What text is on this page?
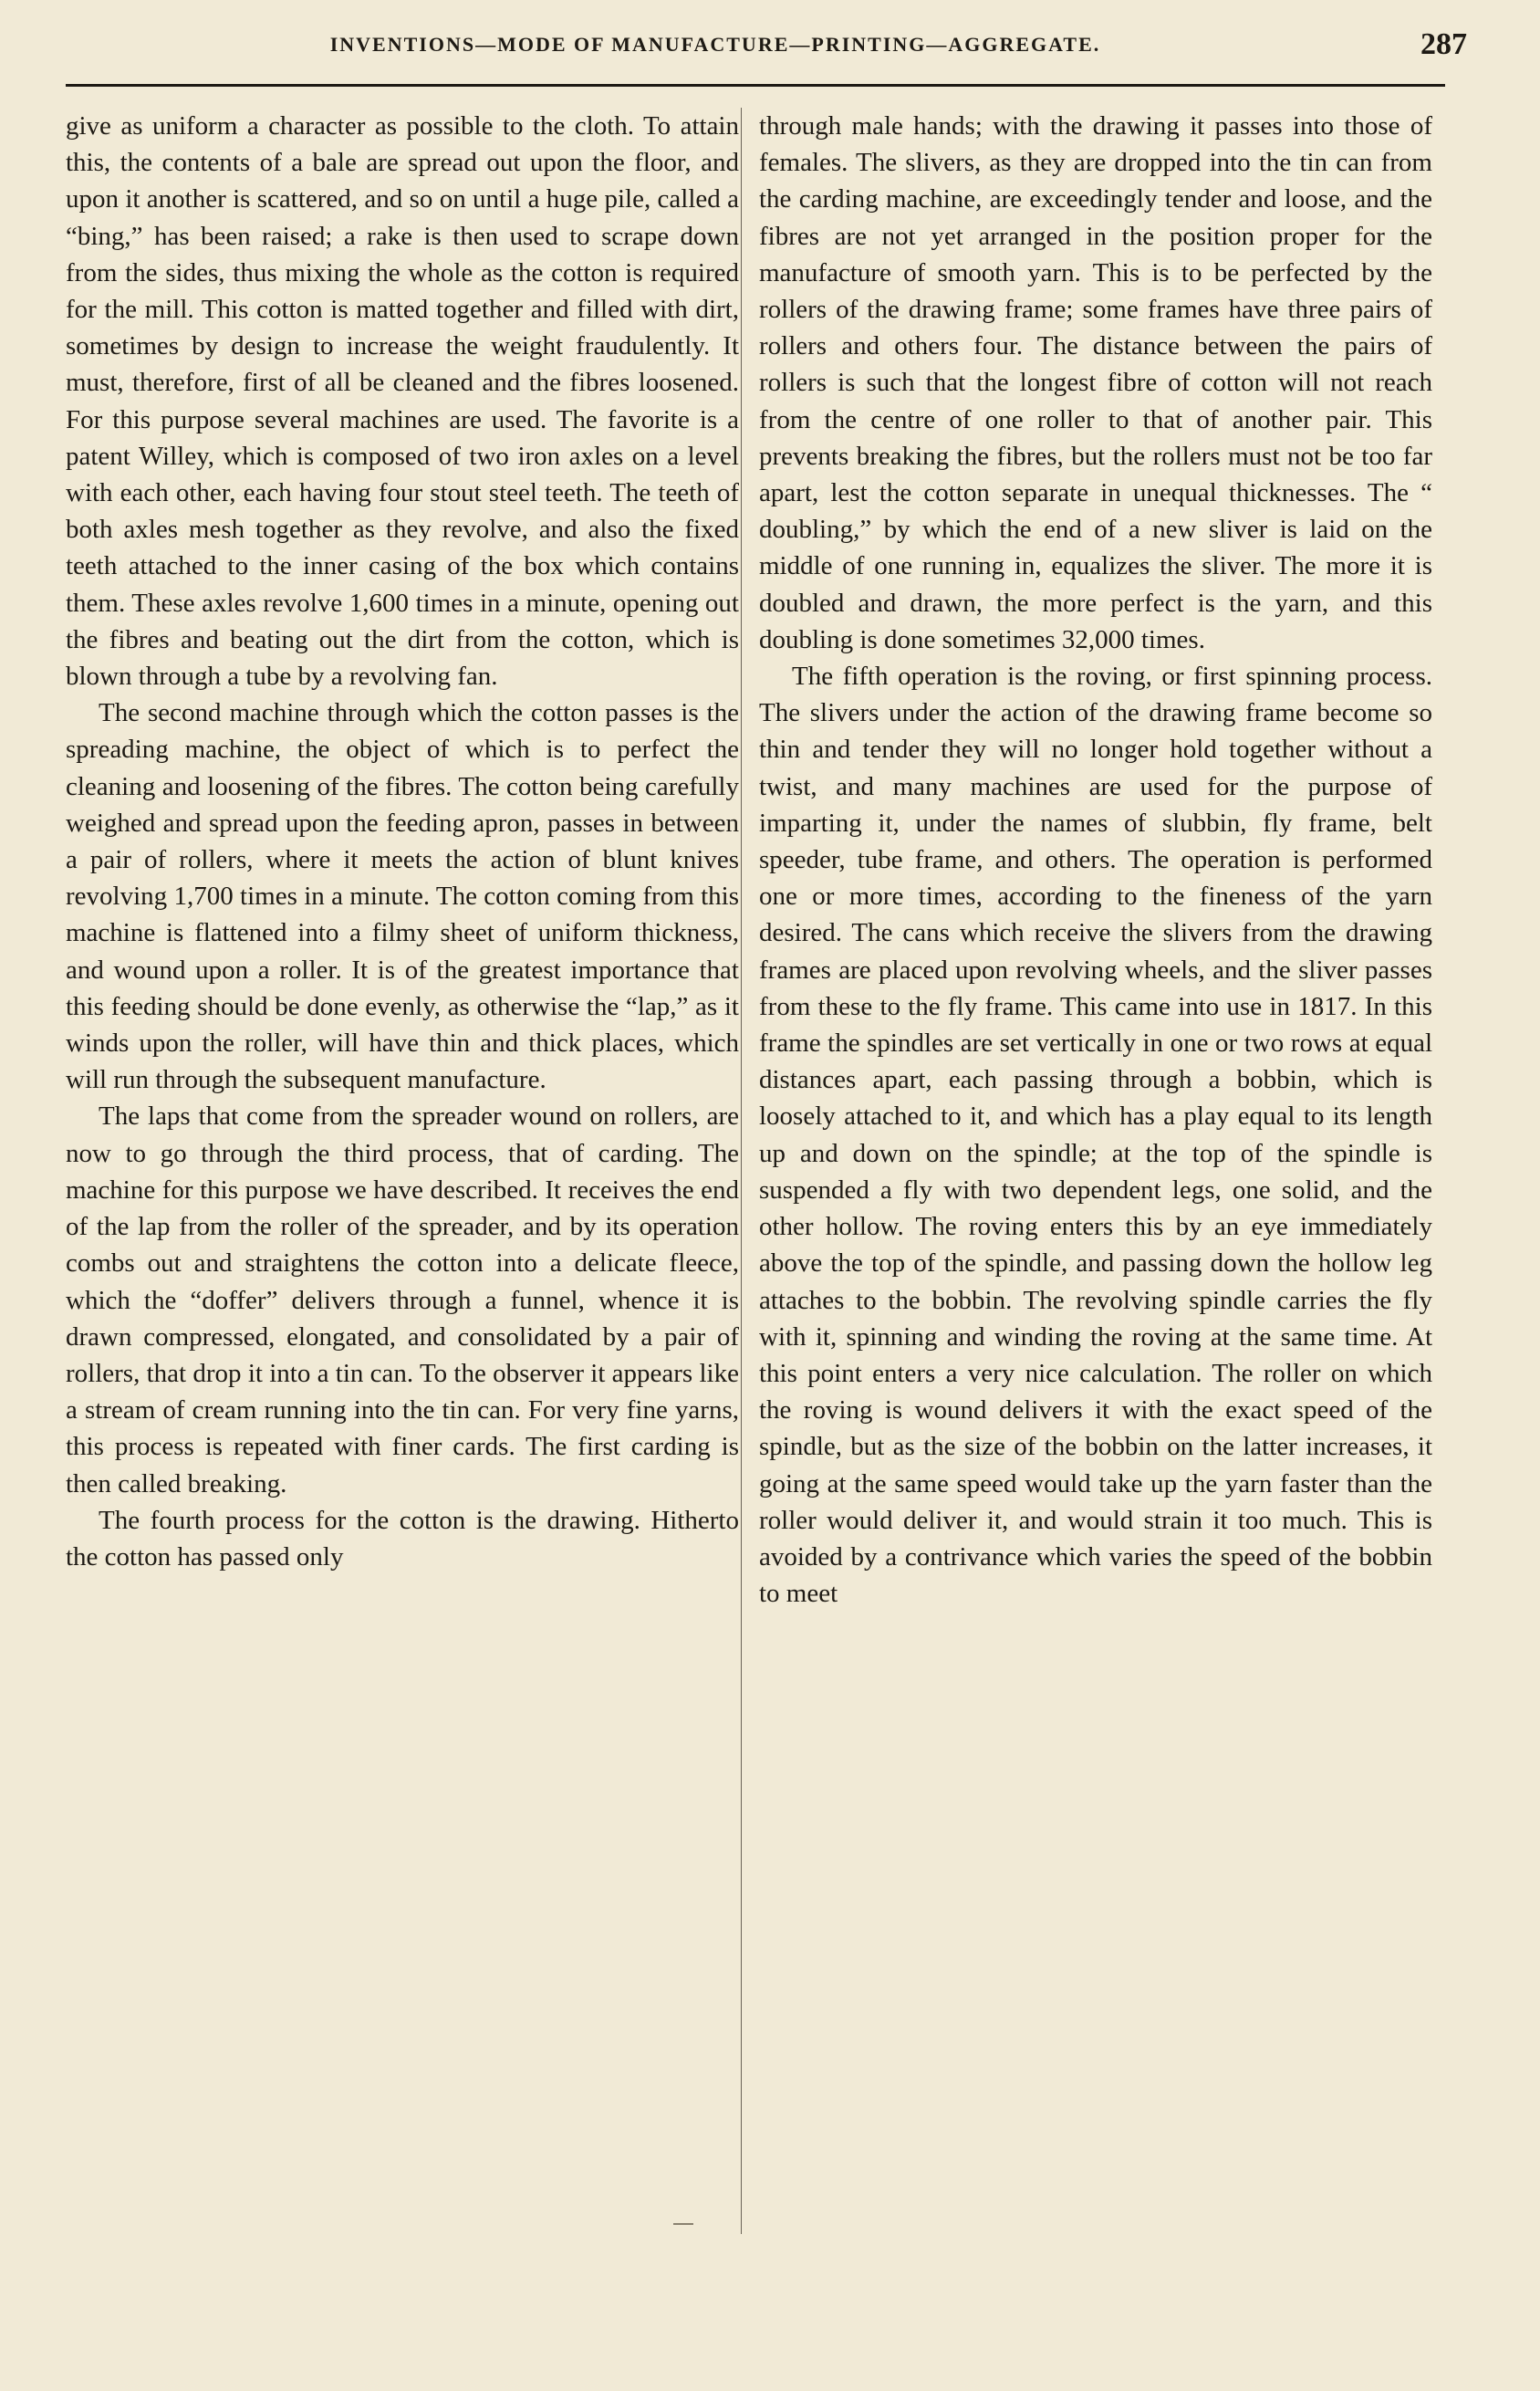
INVENTIONS—MODE OF MANUFACTURE—PRINTING—AGGREGATE.	287

give as uniform a character as possible to the cloth. To attain this, the contents of a bale are spread out upon the floor, and upon it another is scattered, and so on until a huge pile, called a “bing,” has been raised; a rake is then used to scrape down from the sides, thus mixing the whole as the cotton is required for the mill. This cotton is matted together and filled with dirt, sometimes by design to increase the weight fraudulently. It must, therefore, first of all be cleaned and the fibres loosened. For this purpose several machines are used. The favorite is a patent Willey, which is composed of two iron axles on a level with each other, each having four stout steel teeth. The teeth of both axles mesh together as they revolve, and also the fixed teeth attached to the inner casing of the box which contains them. These axles revolve 1,600 times in a minute, opening out the fibres and beating out the dirt from the cotton, which is blown through a tube by a revolving fan.

The second machine through which the cotton passes is the spreading machine, the object of which is to perfect the cleaning and loosening of the fibres. The cotton being carefully weighed and spread upon the feeding apron, passes in between a pair of rollers, where it meets the action of blunt knives revolving 1,700 times in a minute. The cotton coming from this machine is flattened into a filmy sheet of uniform thickness, and wound upon a roller. It is of the greatest importance that this feeding should be done evenly, as otherwise the “lap,” as it winds upon the roller, will have thin and thick places, which will run through the subsequent manufacture.

The laps that come from the spreader wound on rollers, are now to go through the third process, that of carding. The machine for this purpose we have described. It receives the end of the lap from the roller of the spreader, and by its operation combs out and straightens the cotton into a delicate fleece, which the “doffer” delivers through a funnel, whence it is drawn compressed, elongated, and consolidated by a pair of rollers, that drop it into a tin can. To the observer it appears like a stream of cream running into the tin can. For very fine yarns, this process is repeated with finer cards. The first carding is then called breaking.

The fourth process for the cotton is the drawing. Hitherto the cotton has passed only

through male hands; with the drawing it passes into those of females. The slivers, as they are dropped into the tin can from the carding machine, are exceedingly tender and loose, and the fibres are not yet arranged in the position proper for the manufacture of smooth yarn. This is to be perfected by the rollers of the drawing frame; some frames have three pairs of rollers and others four. The distance between the pairs of rollers is such that the longest fibre of cotton will not reach from the centre of one roller to that of another pair. This prevents breaking the fibres, but the rollers must not be too far apart, lest the cotton separate in unequal thicknesses. The “ doubling,” by which the end of a new sliver is laid on the middle of one running in, equalizes the sliver. The more it is doubled and drawn, the more perfect is the yarn, and this doubling is done sometimes 32,000 times.

The fifth operation is the roving, or first spinning process. The slivers under the action of the drawing frame become so thin and tender they will no longer hold together without a twist, and many machines are used for the purpose of imparting it, under the names of slubbin, fly frame, belt speeder, tube frame, and others. The operation is performed one or more times, according to the fineness of the yarn desired. The cans which receive the slivers from the drawing frames are placed upon revolving wheels, and the sliver passes from these to the fly frame. This came into use in 1817. In this frame the spindles are set vertically in one or two rows at equal distances apart, each passing through a bobbin, which is loosely attached to it, and which has a play equal to its length up and down on the spindle; at the top of the spindle is suspended a fly with two dependent legs, one solid, and the other hollow. The roving enters this by an eye immediately above the top of the spindle, and passing down the hollow leg attaches to the bobbin. The revolving spindle carries the fly with it, spinning and winding the roving at the same time. At this point enters a very nice calculation. The roller on which the roving is wound delivers it with the exact speed of the spindle, but as the size of the bobbin on the latter increases, it going at the same speed would take up the yarn faster than the roller would deliver it, and would strain it too much. This is avoided by a contrivance which varies the speed of the bobbin to meet
